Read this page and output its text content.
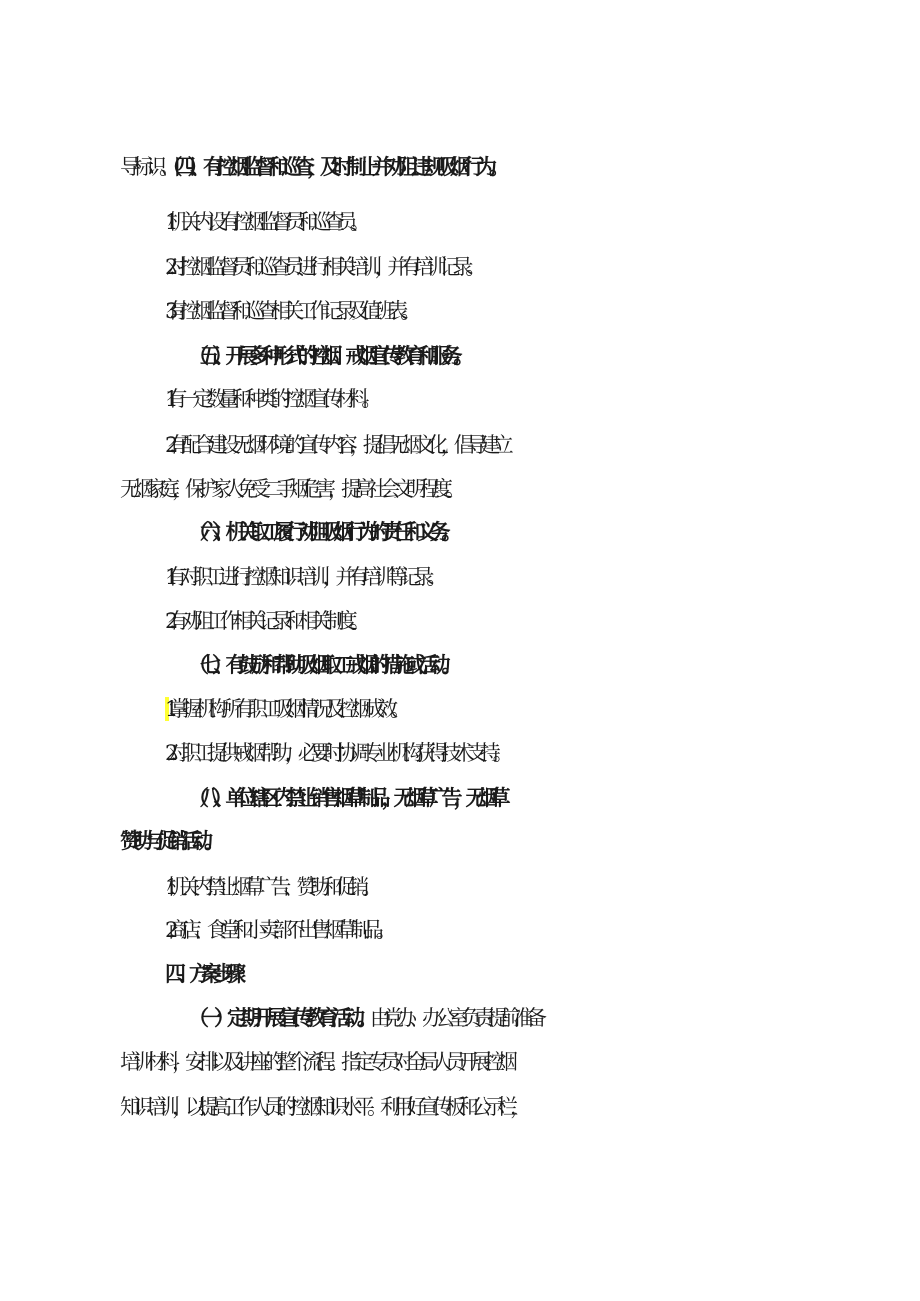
导标识。（四）、有控烟监督和巡查，及时制止并劝阻违规吸烟行为。
1 .机关内设有控烟监督员和巡查员。
2 . 对控烟监督员和巡查员进行相关培训，并有培训记录。
3 . 有控烟监督和巡查相关工作记录及值班表。
（五）、开展多种形式的控烟、戒烟宣传教育和服务。
1 . 有一定数量和种类的控烟宣传材料。
2 .有配合建设无烟环境的宣传内容，提倡无烟文化，倡导建立
无烟家庭，保护家人免受二手烟危害，提高社会文明程度。
（六）、机关取工履行劝阻吸烟行为的责任和义务。
1 . 有对职工进行控烟知识培训，并有培训等记录。
2 .有劝阻工作相关记录和相关制度。
（七）、有鼓励和帮助吸烟取工戒烟的措施或活动。
1.掌握机构所有职工吸烟情况及控烟成效。
2. 对职工提供戒烟帮助，必要时协调专业机构获得技术支持。
（八）、单位辖区内禁止销售烟草制品，无烟草广告，无烟草
赞助与促销活动。
1 . 机关内禁止烟草广告、赞助和促销。
2 .商店、食堂和小卖部不出售烟草制品。
四、方案步骤
（一）定期开展宣传教育活动。由党办、办公室负责提前准备
培训材料，安排以及讲座的整个流程。指定专员对全局人员开展控烟
知识培训，以提高工作人员的控烟知识水平。利用好宣传板和公示栏，
